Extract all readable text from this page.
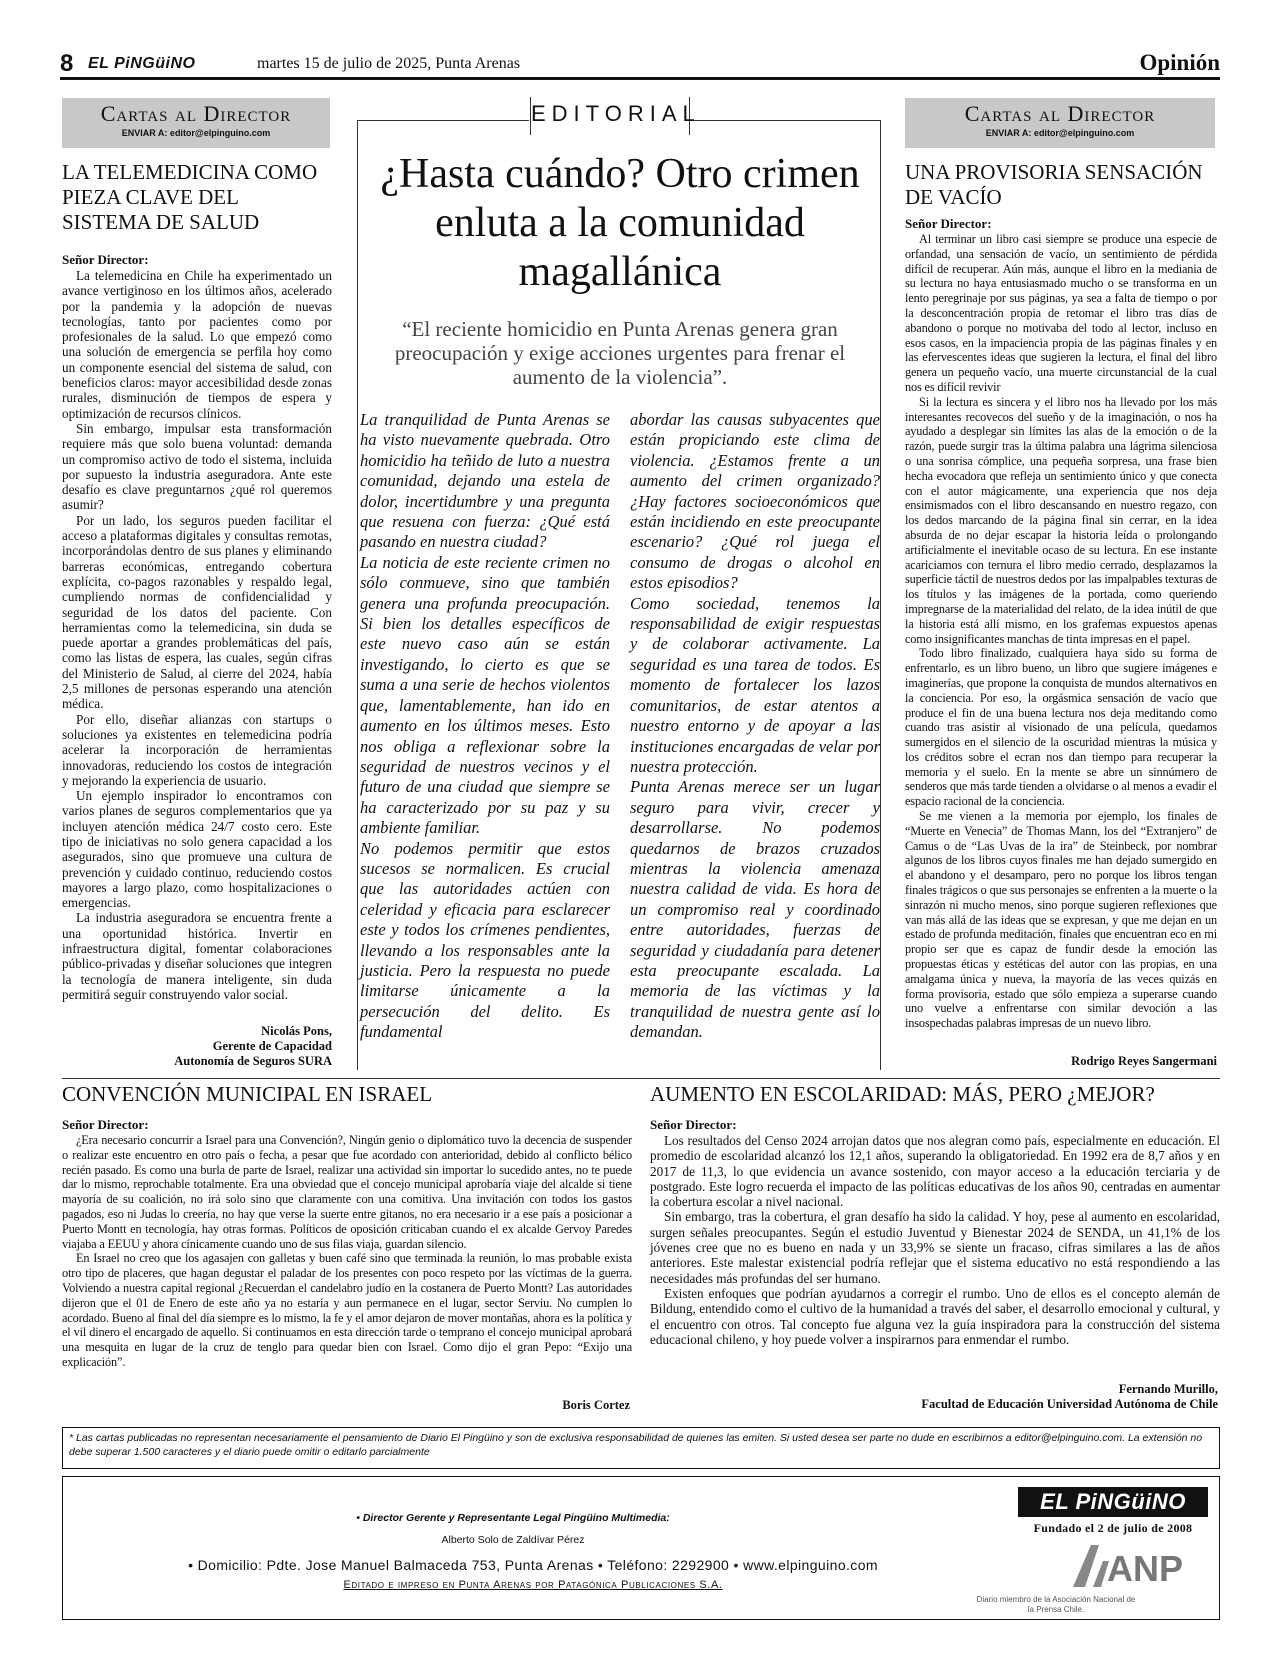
8 EL PiNGüiNO	martes 15 de julio de 2025, Punta Arenas	Opinión
Cartas al Director
ENVIAR A: editor@elpinguino.com
LA TELEMEDICINA COMO PIEZA CLAVE DEL SISTEMA DE SALUD
Señor Director:

La telemedicina en Chile ha experimentado un avance vertiginoso en los últimos años, acelerado por la pandemia y la adopción de nuevas tecnologías, tanto por pacientes como por profesionales de la salud. Lo que empezó como una solución de emergencia se perfila hoy como un componente esencial del sistema de salud, con beneficios claros: mayor accesibilidad desde zonas rurales, disminución de tiempos de espera y optimización de recursos clínicos.

Sin embargo, impulsar esta transformación requiere más que solo buena voluntad: demanda un compromiso activo de todo el sistema, incluida por supuesto la industria aseguradora. Ante este desafío es clave preguntarnos ¿qué rol queremos asumir?

Por un lado, los seguros pueden facilitar el acceso a plataformas digitales y consultas remotas, incorporándolas dentro de sus planes y eliminando barreras económicas, entregando cobertura explícita, co-pagos razonables y respaldo legal, cumpliendo normas de confidencialidad y seguridad de los datos del paciente. Con herramientas como la telemedicina, sin duda se puede aportar a grandes problemáticas del país, como las listas de espera, las cuales, según cifras del Ministerio de Salud, al cierre del 2024, había 2,5 millones de personas esperando una atención médica.

Por ello, diseñar alianzas con startups o soluciones ya existentes en telemedicina podría acelerar la incorporación de herramientas innovadoras, reduciendo los costos de integración y mejorando la experiencia de usuario.

Un ejemplo inspirador lo encontramos con varios planes de seguros complementarios que ya incluyen atención médica 24/7 costo cero. Este tipo de iniciativas no solo genera capacidad a los asegurados, sino que promueve una cultura de prevención y cuidado continuo, reduciendo costos mayores a largo plazo, como hospitalizaciones o emergencias.

La industria aseguradora se encuentra frente a una oportunidad histórica. Invertir en infraestructura digital, fomentar colaboraciones público-privadas y diseñar soluciones que integren la tecnología de manera inteligente, sin duda permitirá seguir construyendo valor social.

Nicolás Pons,
Gerente de Capacidad
Autonomía de Seguros SURA
EDITORIAL
¿Hasta cuándo? Otro crimen enluta a la comunidad magallánica
“El reciente homicidio en Punta Arenas genera gran preocupación y exige acciones urgentes para frenar el aumento de la violencia”.
La tranquilidad de Punta Arenas se ha visto nuevamente quebrada. Otro homicidio ha teñido de luto a nuestra comunidad, dejando una estela de dolor, incertidumbre y una pregunta que resuena con fuerza: ¿Qué está pasando en nuestra ciudad?
La noticia de este reciente crimen no sólo conmueve, sino que también genera una profunda preocupación. Si bien los detalles específicos de este nuevo caso aún se están investigando, lo cierto es que se suma a una serie de hechos violentos que, lamentablemente, han ido en aumento en los últimos meses. Esto nos obliga a reflexionar sobre la seguridad de nuestros vecinos y el futuro de una ciudad que siempre se ha caracterizado por su paz y su ambiente familiar.
No podemos permitir que estos sucesos se normalicen. Es crucial que las autoridades actúen con celeridad y eficacia para esclarecer este y todos los crímenes pendientes, llevando a los responsables ante la justicia. Pero la respuesta no puede limitarse únicamente a la persecución del delito. Es fundamental
abordar las causas subyacentes que están propiciando este clima de violencia. ¿Estamos frente a un aumento del crimen organizado? ¿Hay factores socioeconómicos que están incidiendo en este preocupante escenario? ¿Qué rol juega el consumo de drogas o alcohol en estos episodios?
Como sociedad, tenemos la responsabilidad de exigir respuestas y de colaborar activamente. La seguridad es una tarea de todos. Es momento de fortalecer los lazos comunitarios, de estar atentos a nuestro entorno y de apoyar a las instituciones encargadas de velar por nuestra protección.
Punta Arenas merece ser un lugar seguro para vivir, crecer y desarrollarse. No podemos quedarnos de brazos cruzados mientras la violencia amenaza nuestra calidad de vida. Es hora de un compromiso real y coordinado entre autoridades, fuerzas de seguridad y ciudadanía para detener esta preocupante escalada. La memoria de las víctimas y la tranquilidad de nuestra gente así lo demandan.
Cartas al Director
ENVIAR A: editor@elpinguino.com
UNA PROVISORIA SENSACIÓN DE VACÍO
Señor Director:

Al terminar un libro casi siempre se produce una especie de orfandad, una sensación de vacío, un sentimiento de pérdida difícil de recuperar. Aún más, aunque el libro en la mediania de su lectura no haya entusiasmado mucho o se transforma en un lento peregrinaje por sus páginas, ya sea a falta de tiempo o por la desconcentración propia de retomar el libro tras días de abandono o porque no motivaba del todo al lector, incluso en esos casos, en la impaciencia propia de las páginas finales y en las efervescentes ideas que sugieren la lectura, el final del libro genera un pequeño vacío, una muerte circunstancial de la cual nos es difícil revivir

Si la lectura es sincera y el libro nos ha llevado por los más interesantes recovecos del sueño y de la imaginación, o nos ha ayudado a desplegar sin límites las alas de la emoción o de la razón, puede surgir tras la última palabra una lágrima silenciosa o una sonrisa cómplice, una pequeña sorpresa, una frase bien hecha evocadora que refleja un sentimiento único y que conecta con el autor mágicamente, una experiencia que nos deja ensimismados con el libro descansando en nuestro regazo, con los dedos marcando de la página final sin cerrar, en la idea absurda de no dejar escapar la historia leída o prolongando artificialmente el inevitable ocaso de su lectura. En ese instante acariciamos con ternura el libro medio cerrado, desplazamos la superficie táctil de nuestros dedos por las impalpables texturas de los títulos y las imágenes de la portada, como queriendo impregnarse de la materialidad del relato, de la idea inútil de que la historia está allí mismo, en los grafemas expuestos apenas como insignificantes manchas de tinta impresas en el papel.

Todo libro finalizado, cualquiera haya sido su forma de enfrentarlo, es un libro bueno, un libro que sugiere imágenes e imaginerías, que propone la conquista de mundos alternativos en la conciencia. Por eso, la orgásmica sensación de vacío que produce el fin de una buena lectura nos deja meditando como cuando tras asistir al visionado de una película, quedamos sumergidos en el silencio de la oscuridad mientras la música y los créditos sobre el ecran nos dan tiempo para recuperar la memoria y el suelo. En la mente se abre un sinnúmero de senderos que más tarde tienden a olvidarse o al menos a evadir el espacio racional de la conciencia.

Se me vienen a la memoria por ejemplo, los finales de “Muerte en Venecia” de Thomas Mann, los del “Extranjero” de Camus o de “Las Uvas de la ira” de Steinbeck, por nombrar algunos de los libros cuyos finales me han dejado sumergido en el abandono y el desamparo, pero no porque los libros tengan finales trágicos o que sus personajes se enfrenten a la muerte o la sinrazón ni mucho menos, sino porque sugieren reflexiones que van más allá de las ideas que se expresan, y que me dejan en un estado de profunda meditación, finales que encuentran eco en mi propio ser que es capaz de fundir desde la emoción las propuestas éticas y estéticas del autor con las propias, en una amalgama única y nueva, la mayoría de las veces quizás en forma provisoria, estado que sólo empieza a superarse cuando uno vuelve a enfrentarse con similar devoción a las insospechadas palabras impresas de un nuevo libro.

Rodrigo Reyes Sangermani
CONVENCIÓN MUNICIPAL EN ISRAEL
Señor Director:

¿Era necesario concurrir a Israel para una Convención?, Ningún genio o diplomático tuvo la decencia de suspender o realizar este encuentro en otro país o fecha, a pesar que fue acordado con anterioridad, debido al conflicto bélico recién pasado. Es como una burla de parte de Israel, realizar una actividad sin importar lo sucedido antes, no te puede dar lo mismo, reprochable totalmente. Era una obviedad que el concejo municipal aprobaría viaje del alcalde si tiene mayoría de su coalición, no irá solo sino que claramente con una comitiva. Una invitación con todos los gastos pagados, eso ni Judas lo creería, no hay que verse la suerte entre gitanos, no era necesario ir a ese país a posicionar a Puerto Montt en tecnología, hay otras formas. Políticos de oposición criticaban cuando el ex alcalde Gervoy Paredes viajaba a EEUU y ahora cínicamente cuando uno de sus filas viaja, guardan silencio.

En Israel no creo que los agasajen con galletas y buen café sino que terminada la reunión, lo mas probable exista otro tipo de placeres, que hagan degustar el paladar de los presentes con poco respeto por las víctimas de la guerra. Volviendo a nuestra capital regional ¿Recuerdan el candelabro judío en la costanera de Puerto Montt? Las autoridades dijeron que el 01 de Enero de este año ya no estaría y aun permanece en el lugar, sector Serviu. No cumplen lo acordado. Bueno al final del día siempre es lo mismo, la fe y el amor dejaron de mover montañas, ahora es la política y el vil dinero el encargado de aquello. Si continuamos en esta dirección tarde o temprano el concejo municipal aprobará una mesquita en lugar de la cruz de tenglo para quedar bien con Israel. Como dijo el gran Pepo: “Exijo una explicación”.

Boris Cortez
AUMENTO EN ESCOLARIDAD: MÁS, PERO ¿MEJOR?
Señor Director:

Los resultados del Censo 2024 arrojan datos que nos alegran como país, especialmente en educación. El promedio de escolaridad alcanzó los 12,1 años, superando la obligatoriedad. En 1992 era de 8,7 años y en 2017 de 11,3, lo que evidencia un avance sostenido, con mayor acceso a la educación terciaria y de postgrado. Este logro recuerda el impacto de las políticas educativas de los años 90, centradas en aumentar la cobertura escolar a nivel nacional.

Sin embargo, tras la cobertura, el gran desafío ha sido la calidad. Y hoy, pese al aumento en escolaridad, surgen señales preocupantes. Según el estudio Juventud y Bienestar 2024 de SENDA, un 41,1% de los jóvenes cree que no es bueno en nada y un 33,9% se siente un fracaso, cifras similares a las de años anteriores. Este malestar existencial podría reflejar que el sistema educativo no está respondiendo a las necesidades más profundas del ser humano.

Existen enfoques que podrían ayudarnos a corregir el rumbo. Uno de ellos es el concepto alemán de Bildung, entendido como el cultivo de la humanidad a través del saber, el desarrollo emocional y cultural, y el encuentro con otros. Tal concepto fue alguna vez la guía inspiradora para la construcción del sistema educacional chileno, y hoy puede volver a inspirarnos para enmendar el rumbo.

Fernando Murillo,
Facultad de Educación Universidad Autónoma de Chile
* Las cartas publicadas no representan necesariamente el pensamiento de Diario El Pingüino y son de exclusiva responsabilidad de quienes las emiten. Si usted desea ser parte no dude en escribirnos a editor@elpinguino.com. La extensión no debe superar 1.500 caracteres y el diario puede omitir o editarlo parcialmente
• Director Gerente y Representante Legal Pingüino Multimedia:
Alberto Solo de Zaldívar Pérez
• Domicilio: Pdte. Jose Manuel Balmaceda 753, Punta Arenas • Teléfono: 2292900 • www.elpinguino.com
Editado e impreso en Punta Arenas por Patagónica Publicaciones S.A.
EL PiNGüiNO
Fundado el 2 de julio de 2008
ANP
Diario miembro de la Asociación Nacional de la Prensa Chile.
